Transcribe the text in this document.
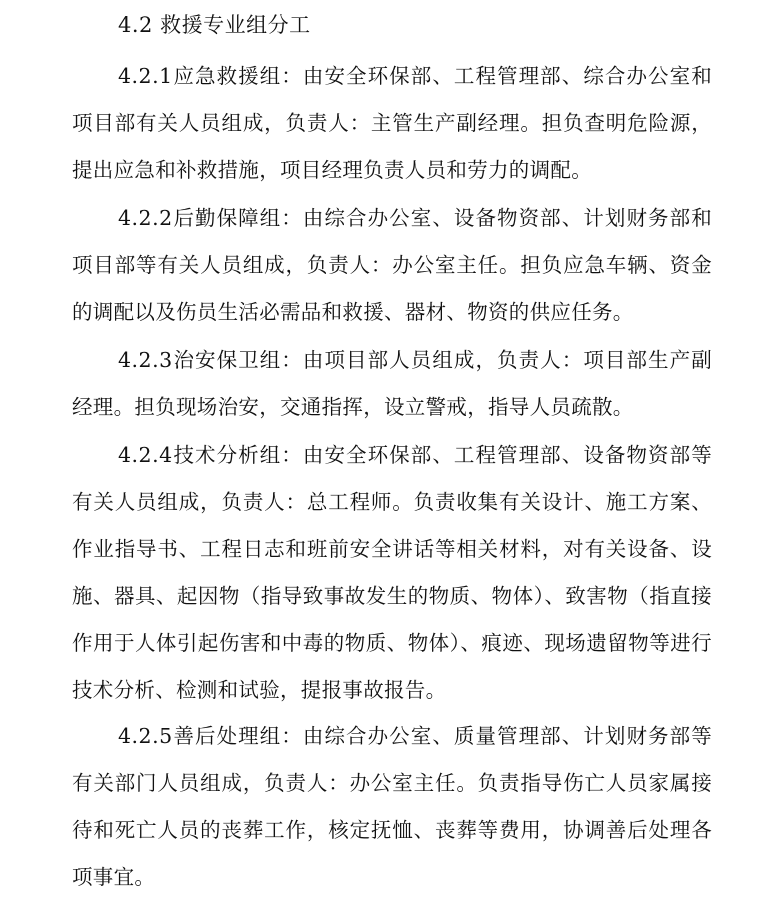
4.2 救援专业组分工

4.2.1应急救援组：由安全环保部、工程管理部、综合办公室和项目部有关人员组成，负责人：主管生产副经理。担负查明危险源，提出应急和补救措施，项目经理负责人员和劳力的调配。

4.2.2后勤保障组：由综合办公室、设备物资部、计划财务部和项目部等有关人员组成，负责人：办公室主任。担负应急车辆、资金的调配以及伤员生活必需品和救援、器材、物资的供应任务。

4.2.3治安保卫组：由项目部人员组成，负责人：项目部生产副经理。担负现场治安，交通指挥，设立警戒，指导人员疏散。

4.2.4技术分析组：由安全环保部、工程管理部、设备物资部等有关人员组成，负责人：总工程师。负责收集有关设计、施工方案、作业指导书、工程日志和班前安全讲话等相关材料，对有关设备、设施、器具、起因物（指导致事故发生的物质、物体）、致害物（指直接作用于人体引起伤害和中毒的物质、物体）、痕迹、现场遗留物等进行技术分析、检测和试验，提报事故报告。

4.2.5善后处理组：由综合办公室、质量管理部、计划财务部等有关部门人员组成，负责人：办公室主任。负责指导伤亡人员家属接待和死亡人员的丧葬工作，核定抚恤、丧葬等费用，协调善后处理各项事宜。
